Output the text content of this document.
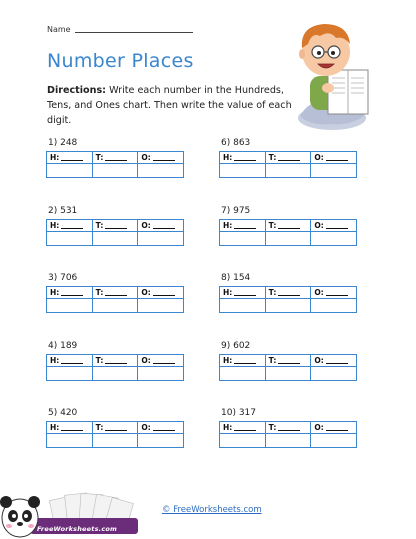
Name
Number Places
Directions: Write each number in the Hundreds, Tens, and Ones chart. Then write the value of each digit.
1) 248
H:	T:	O:

6) 863
H:	T:	O:

2) 531
H:	T:	O:

7) 975
H:	T:	O:

3) 706
H:	T:	O:

8) 154
H:	T:	O:

4) 189
H:	T:	O:

9) 602
H:	T:	O:

5) 420
H:	T:	O:

10) 317
H:	T:	O:

FreeWorksheets.com
© FreeWorksheets.com
